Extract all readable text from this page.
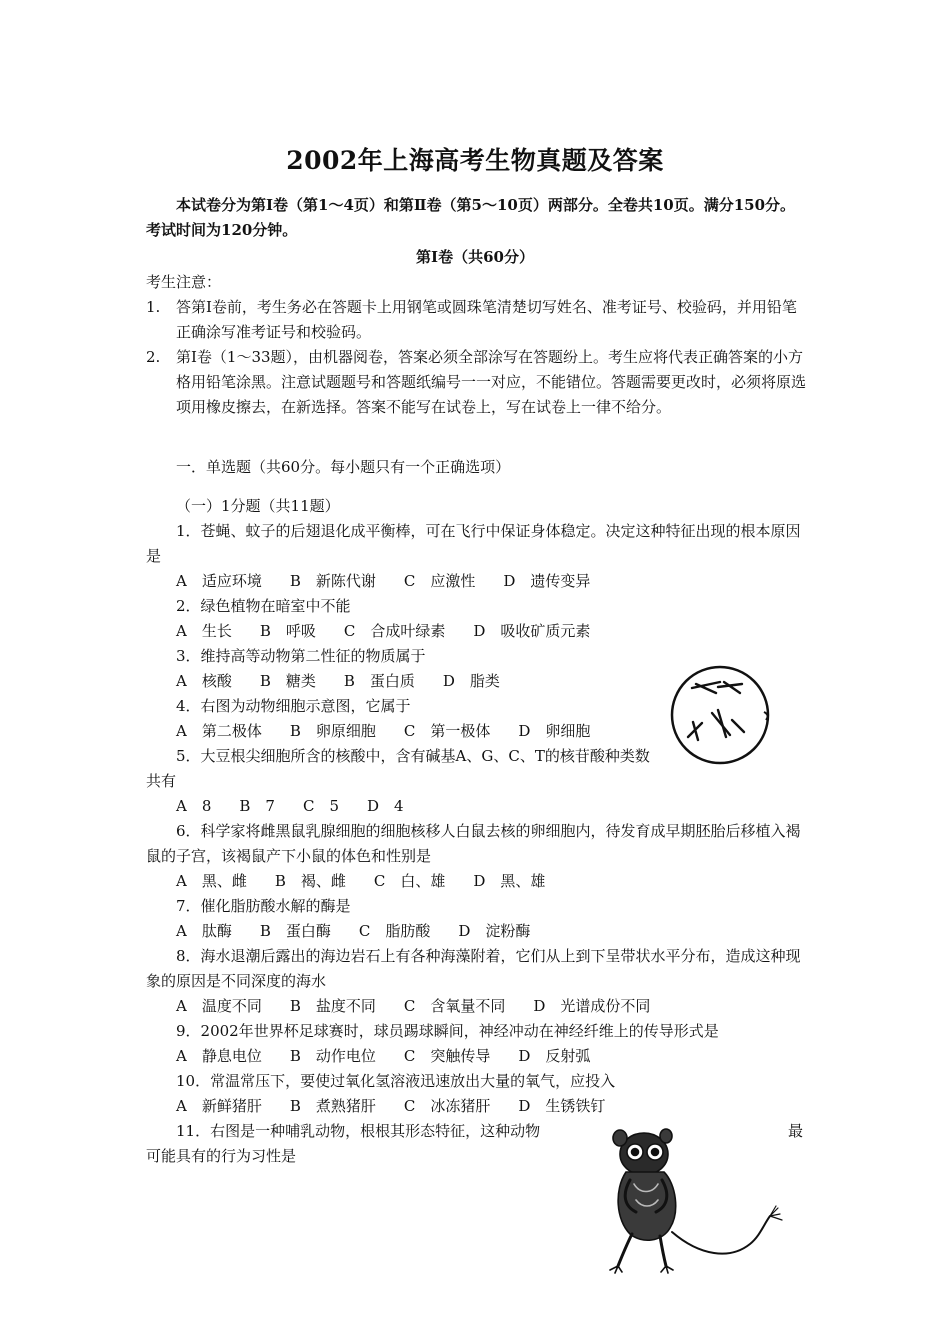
2002年上海高考生物真题及答案
本试卷分为第Ⅰ卷（第1～4页）和第Ⅱ卷（第5～10页）两部分。全卷共10页。满分150分。考试时间为120分钟。
第Ⅰ卷（共60分）
考生注意：
1. 答第Ⅰ卷前，考生务必在答题卡上用钢笔或圆珠笔清楚切写姓名、准考证号、校验码，并用铅笔正确涂写准考证号和校验码。
2. 第Ⅰ卷（1～33题），由机器阅卷，答案必须全部涂写在答题纷上。考生应将代表正确答案的小方格用铅笔涂黑。注意试题题号和答题纸编号一一对应，不能错位。答题需要更改时，必须将原选项用橡皮擦去，在新选择。答案不能写在试卷上，写在试卷上一律不给分。
一．单选题（共60分。每小题只有一个正确选项）
（一）1分题（共11题）
1．苍蝇、蚊子的后翅退化成平衡棒，可在飞行中保证身体稳定。决定这种特征出现的根本原因是
A　适应环境 B　新陈代谢 C　应激性 D　遗传变异
2．绿色植物在暗室中不能
A　生长 B　呼吸 C　合成叶绿素 D　吸收矿质元素
3．维持高等动物第二性征的物质属于
A　核酸 B　糖类 B　蛋白质 D　脂类
4．右图为动物细胞示意图，它属于
A　第二极体 B　卵原细胞 C　第一极体 D　卵细胞
5．大豆根尖细胞所含的核酸中，含有碱基A、G、C、T的核苷酸种类数共有
A　8 B　7 C　5 D　4
6．科学家将雌黑鼠乳腺细胞的细胞核移人白鼠去核的卵细胞内，待发育成早期胚胎后移植入褐鼠的子宫，该褐鼠产下小鼠的体色和性别是
A　黑、雌 B　褐、雌 C　白、雄 D　黑、雄
7．催化脂肪酸水解的酶是
A　肽酶 B　蛋白酶 C　脂肪酸 D　淀粉酶
8．海水退潮后露出的海边岩石上有各种海藻附着，它们从上到下呈带状水平分布，造成这种现象的原因是不同深度的海水
A　温度不同 B　盐度不同 C　含氧量不同 D　光谱成份不同
9．2002年世界杯足球赛时，球员踢球瞬间，神经冲动在神经纤维上的传导形式是
A　静息电位 B　动作电位 C　突触传导 D　反射弧
10．常温常压下，要使过氧化氢溶液迅速放出大量的氧气，应投入
A　新鲜猪肝 B　煮熟猪肝 C　冰冻猪肝 D　生锈铁钉
11．右图是一种哺乳动物，根根其形态特征，这种动物	最
可能具有的行为习性是
